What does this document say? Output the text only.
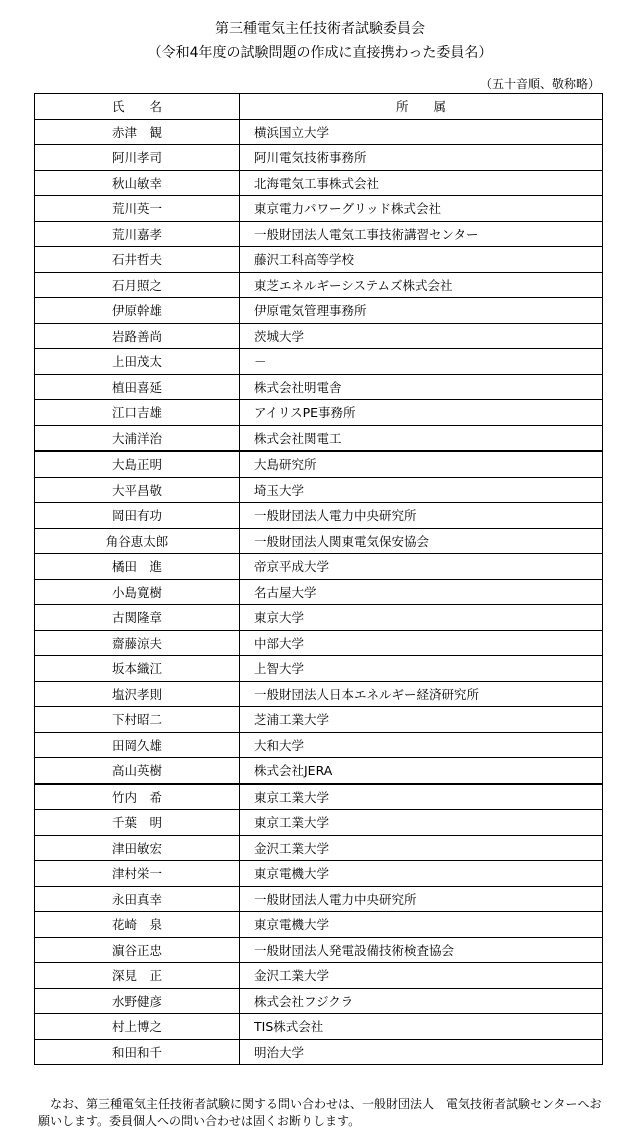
第三種電気主任技術者試験委員会
（令和4年度の試験問題の作成に直接携わった委員名）
（五十音順、敬称略）
氏　　名	所　　属
赤津　観	横浜国立大学
阿川孝司	阿川電気技術事務所
秋山敏幸	北海電気工事株式会社
荒川英一	東京電力パワーグリッド株式会社
荒川嘉孝	一般財団法人電気工事技術講習センター
石井哲夫	藤沢工科高等学校
石月照之	東芝エネルギーシステムズ株式会社
伊原幹雄	伊原電気管理事務所
岩路善尚	茨城大学
上田茂太	－
植田喜延	株式会社明電舎
江口吉雄	アイリスPE事務所
大浦洋治	株式会社関電工
大島正明	大島研究所
大平昌敬	埼玉大学
岡田有功	一般財団法人電力中央研究所
角谷恵太郎	一般財団法人関東電気保安協会
橘田　進	帝京平成大学
小島寛樹	名古屋大学
古関隆章	東京大学
齋藤涼夫	中部大学
坂本織江	上智大学
塩沢孝則	一般財団法人日本エネルギー経済研究所
下村昭二	芝浦工業大学
田岡久雄	大和大学
高山英樹	株式会社JERA
竹内　希	東京工業大学
千葉　明	東京工業大学
津田敏宏	金沢工業大学
津村栄一	東京電機大学
永田真幸	一般財団法人電力中央研究所
花崎　泉	東京電機大学
濵谷正忠	一般財団法人発電設備技術検査協会
深見　正	金沢工業大学
水野健彦	株式会社フジクラ
村上博之	TIS株式会社
和田和千	明治大学
　なお、第三種電気主任技術者試験に関する問い合わせは、一般財団法人　電気技術者試験センターへお願いします。委員個人への問い合わせは固くお断りします。
